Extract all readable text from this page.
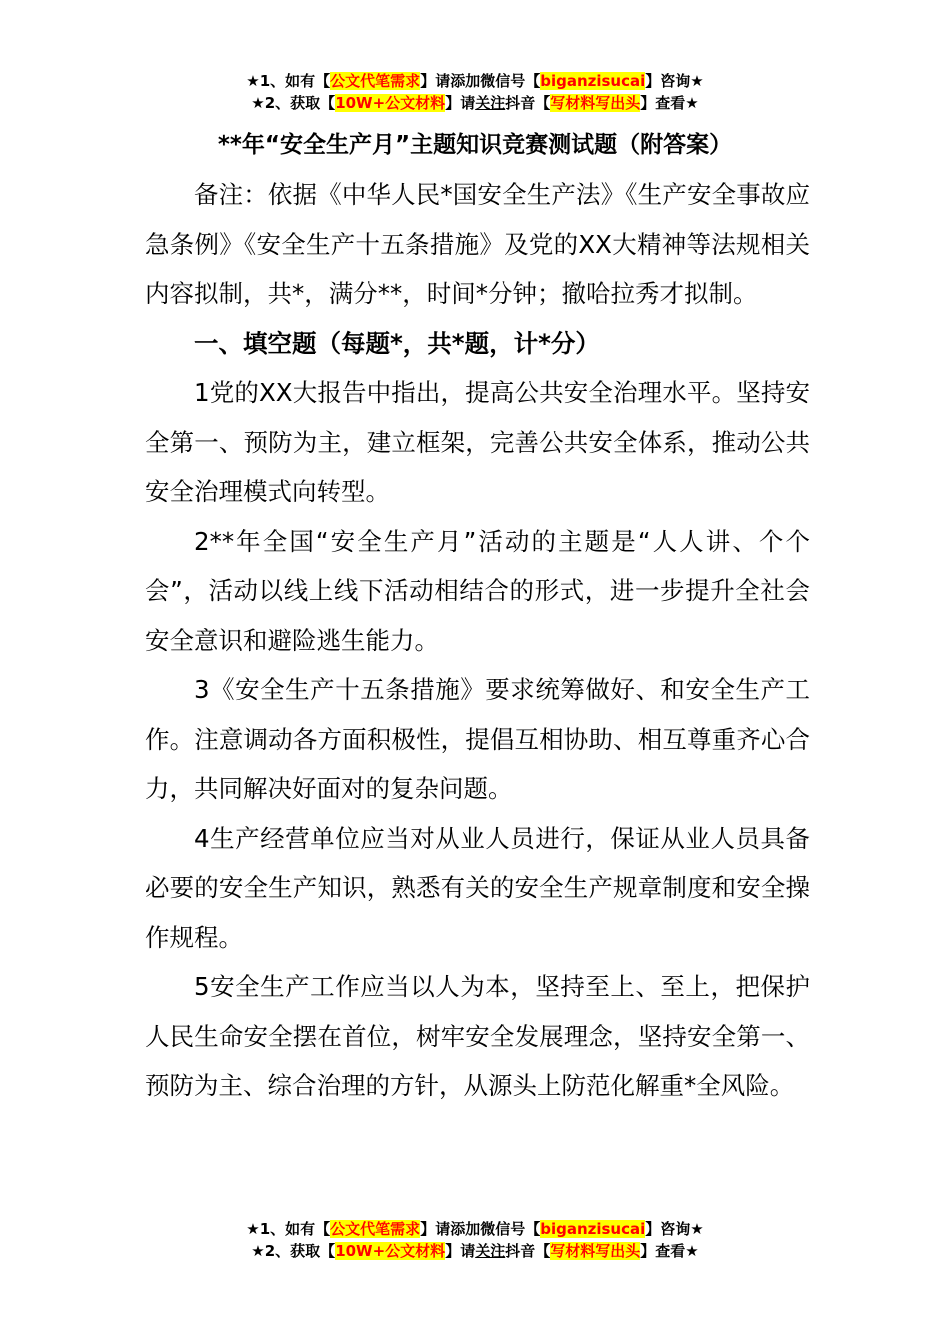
★1、如有【公文代笔需求】请添加微信号【biganzisucai】咨询★
★2、获取【10W+公文材料】请关注抖音【写材料写出头】查看★
**年“安全生产月”主题知识竞赛测试题（附答案）

备注：依据《中华人民*国安全生产法》《生产安全事故应急条例》《安全生产十五条措施》及党的XX大精神等法规相关内容拟制，共*，满分**，时间*分钟；撤哈拉秀才拟制。

一、填空题（每题*，共*题，计*分）

1党的XX大报告中指出，提高公共安全治理水平。坚持安全第一、预防为主，建立框架，完善公共安全体系，推动公共安全治理模式向转型。

2**年全国“安全生产月”活动的主题是“人人讲、个个会”，活动以线上线下活动相结合的形式，进一步提升全社会安全意识和避险逃生能力。

3《安全生产十五条措施》要求统筹做好、和安全生产工作。注意调动各方面积极性，提倡互相协助、相互尊重齐心合力，共同解决好面对的复杂问题。

4生产经营单位应当对从业人员进行，保证从业人员具备必要的安全生产知识，熟悉有关的安全生产规章制度和安全操作规程。

5安全生产工作应当以人为本，坚持至上、至上，把保护人民生命安全摆在首位，树牢安全发展理念，坚持安全第一、预防为主、综合治理的方针，从源头上防范化解重*全风险。

★1、如有【公文代笔需求】请添加微信号【biganzisucai】咨询★
★2、获取【10W+公文材料】请关注抖音【写材料写出头】查看★
